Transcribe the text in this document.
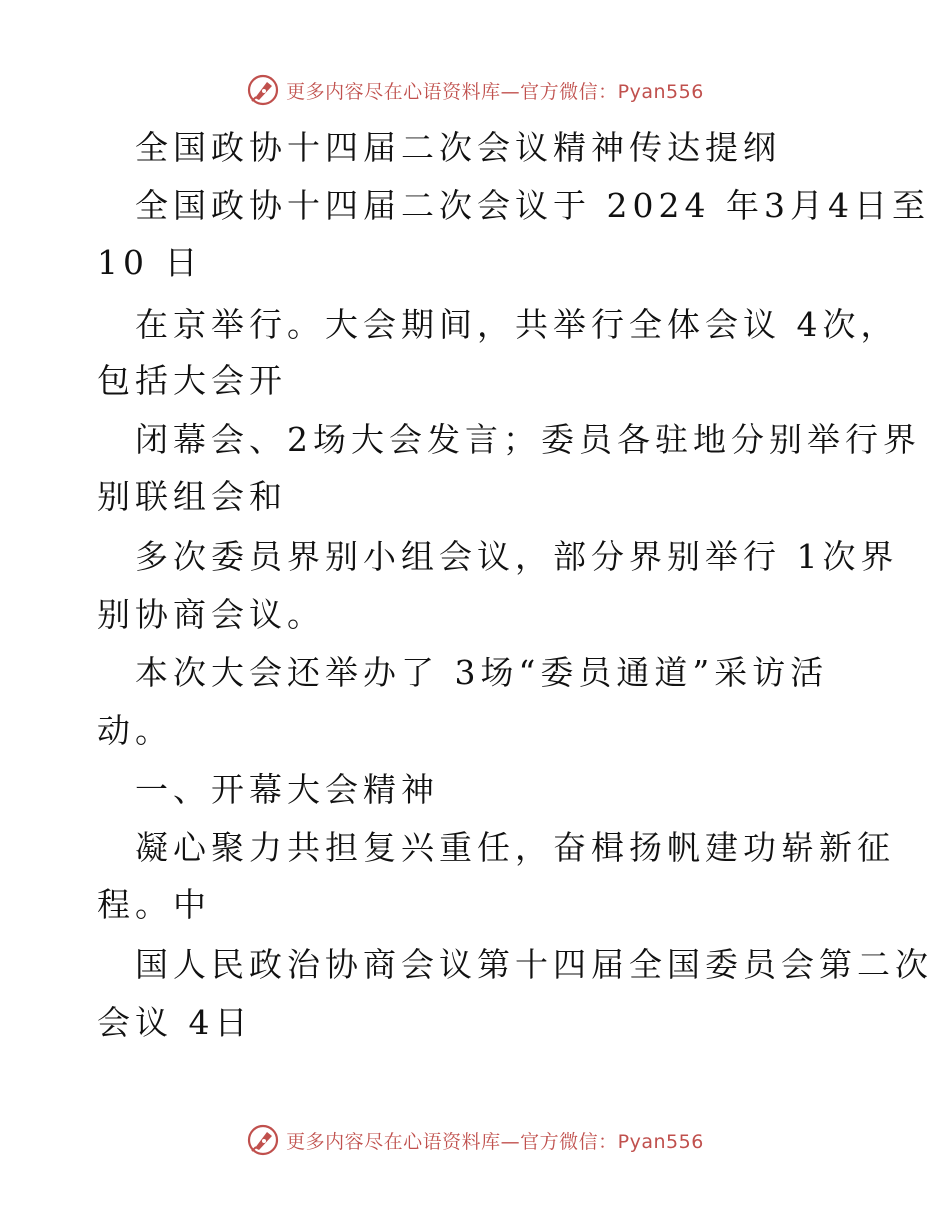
更多内容尽在心语资料库—官方微信：Pyan556
全国政协十四届二次会议精神传达提纲
全国政协十四届二次会议于 2024 年3月4日至
10 日
在京举行。大会期间，共举行全体会议 4次，
包括大会开
闭幕会、2场大会发言；委员各驻地分别举行界
别联组会和
多次委员界别小组会议，部分界别举行 1次界
别协商会议。
本次大会还举办了 3场“委员通道”采访活
动。
一、开幕大会精神
凝心聚力共担复兴重任，奋楫扬帆建功崭新征
程。中
国人民政治协商会议第十四届全国委员会第二次
会议 4日
更多内容尽在心语资料库—官方微信：Pyan556
